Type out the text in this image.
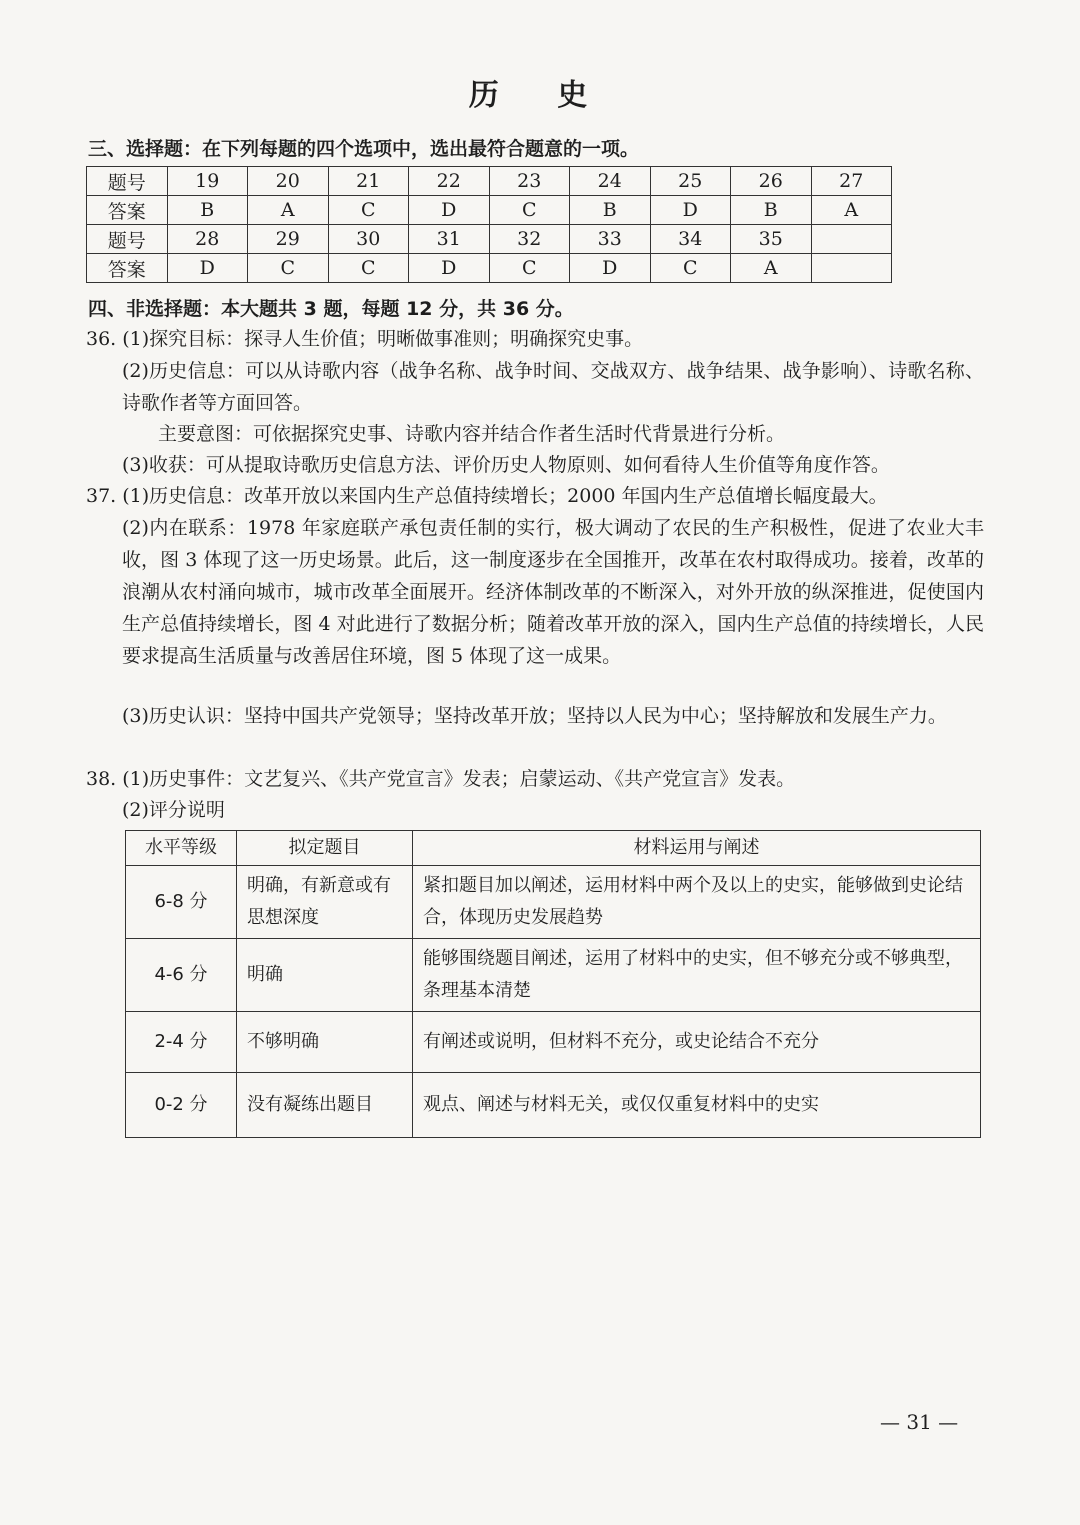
历 史
三、选择题：在下列每题的四个选项中，选出最符合题意的一项。
题号	19	20	21	22	23	24	25	26	27
答案	B	A	C	D	C	B	D	B	A
题号	28	29	30	31	32	33	34	35	
答案	D	C	C	D	C	D	C	A	
四、非选择题：本大题共 3 题，每题 12 分，共 36 分。
36. (1)探究目标：探寻人生价值；明晰做事准则；明确探究史事。
(2)历史信息：可以从诗歌内容（战争名称、战争时间、交战双方、战争结果、战争影响）、诗歌名称、诗歌作者等方面回答。
主要意图：可依据探究史事、诗歌内容并结合作者生活时代背景进行分析。
(3)收获：可从提取诗歌历史信息方法、评价历史人物原则、如何看待人生价值等角度作答。
37. (1)历史信息：改革开放以来国内生产总值持续增长；2000 年国内生产总值增长幅度最大。
(2)内在联系：1978 年家庭联产承包责任制的实行，极大调动了农民的生产积极性，促进了农业大丰收，图 3 体现了这一历史场景。此后，这一制度逐步在全国推开，改革在农村取得成功。接着，改革的浪潮从农村涌向城市，城市改革全面展开。经济体制改革的不断深入，对外开放的纵深推进，促使国内生产总值持续增长，图 4 对此进行了数据分析；随着改革开放的深入，国内生产总值的持续增长，人民要求提高生活质量与改善居住环境，图 5 体现了这一成果。
(3)历史认识：坚持中国共产党领导；坚持改革开放；坚持以人民为中心；坚持解放和发展生产力。
38. (1)历史事件：文艺复兴、《共产党宣言》发表；启蒙运动、《共产党宣言》发表。
(2)评分说明
水平等级	拟定题目	材料运用与阐述
6-8 分	明确，有新意或有思想深度	紧扣题目加以阐述，运用材料中两个及以上的史实，能够做到史论结合，体现历史发展趋势
4-6 分	明确	能够围绕题目阐述，运用了材料中的史实，但不够充分或不够典型，条理基本清楚
2-4 分	不够明确	有阐述或说明，但材料不充分，或史论结合不充分
0-2 分	没有凝练出题目	观点、阐述与材料无关，或仅仅重复材料中的史实
— 31 —
